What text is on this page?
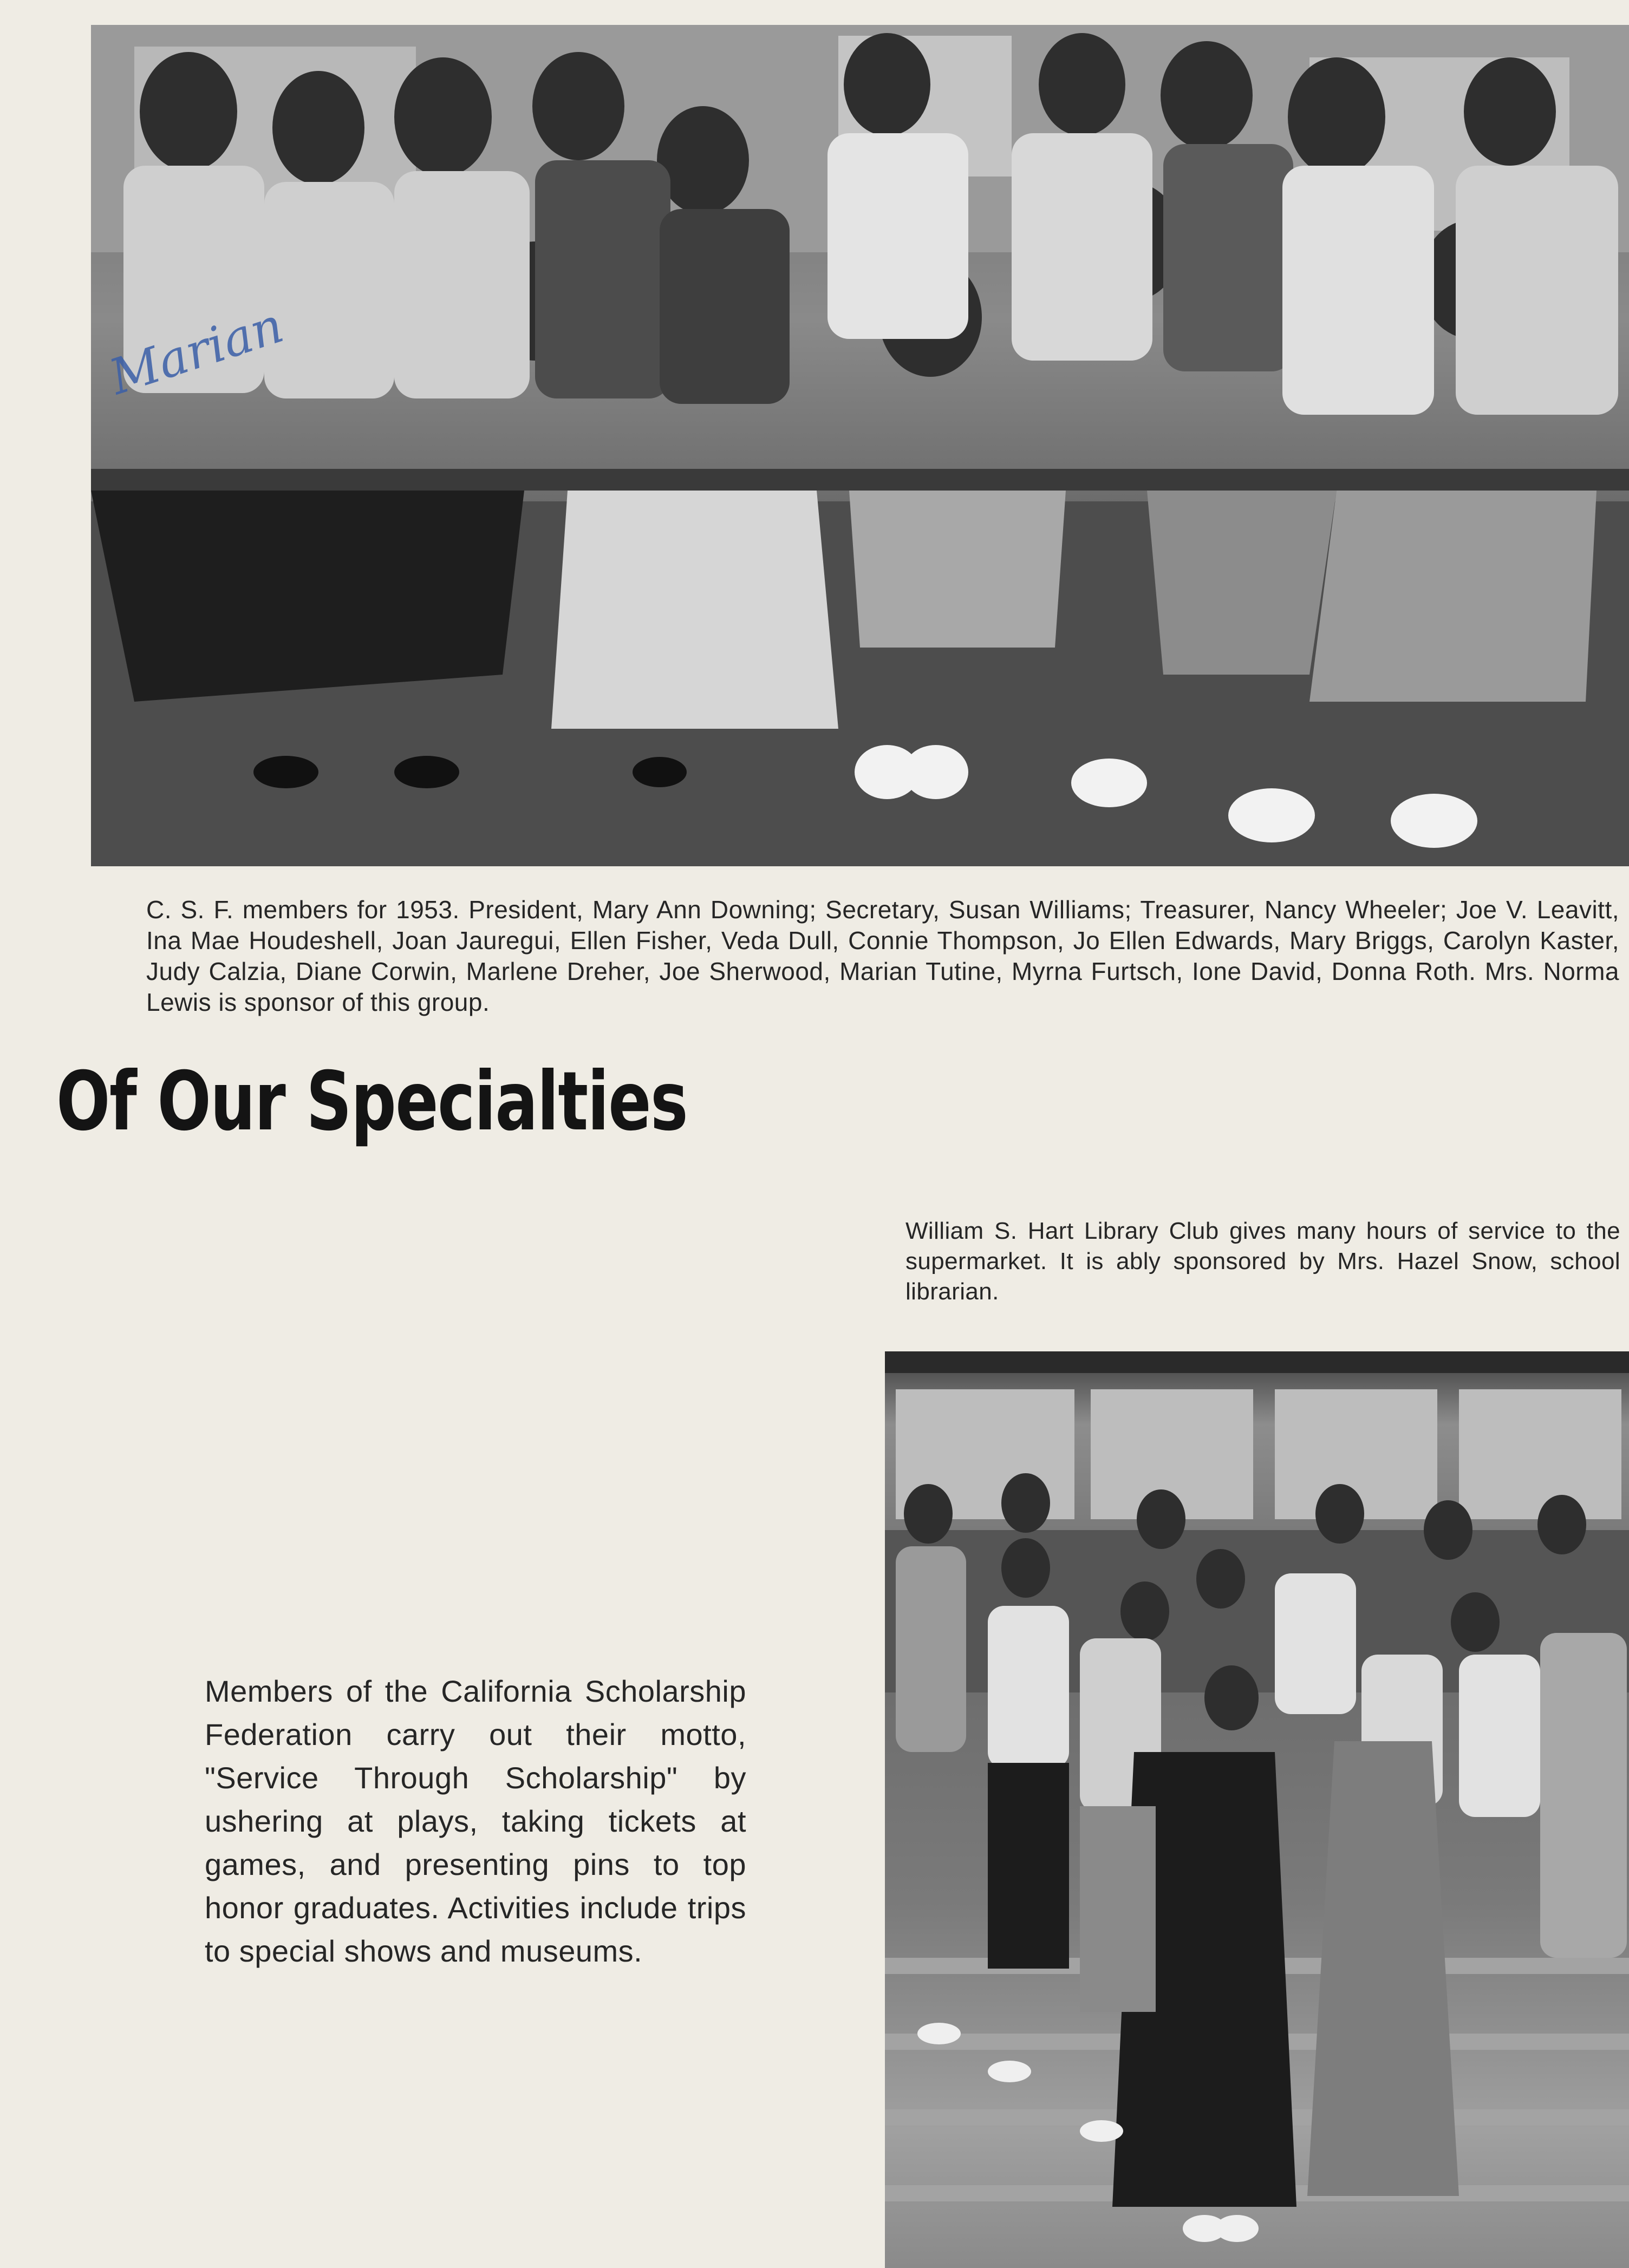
Marian
C. S. F. members for 1953. President, Mary Ann Downing; Secretary, Susan Williams; Treasurer, Nancy Wheeler; Joe V. Leavitt, Ina Mae Houdeshell, Joan Jauregui, Ellen Fisher, Veda Dull, Connie Thompson, Jo Ellen Edwards, Mary Briggs, Carolyn Kaster, Judy Calzia, Diane Corwin, Marlene Dreher, Joe Sherwood, Marian Tutine, Myrna Furtsch, Ione David, Donna Roth. Mrs. Norma Lewis is sponsor of this group.
Of Our Specialties
William S. Hart Library Club gives many hours of service to the supermarket. It is ably sponsored by Mrs. Hazel Snow, school librarian.
Members of the California Scholarship Federation carry out their motto, "Service Through Scholarship" by ushering at plays, taking tickets at games, and presenting pins to top honor graduates. Activities include trips to special shows and museums.
